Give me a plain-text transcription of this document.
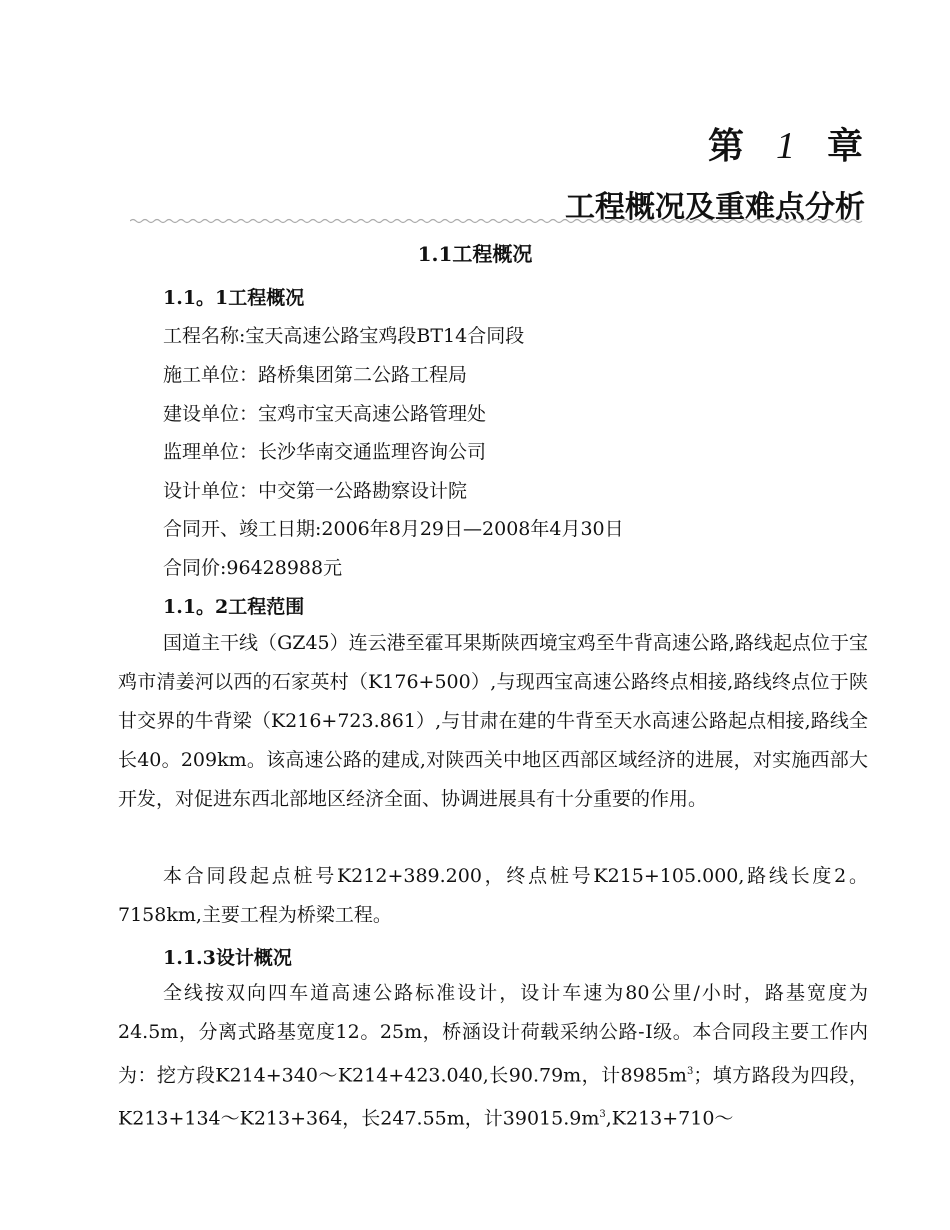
第 1 章
工程概况及重难点分析
1.1工程概况
1.1。1工程概况
工程名称:宝天高速公路宝鸡段BT14合同段
施工单位：路桥集团第二公路工程局
建设单位：宝鸡市宝天高速公路管理处
监理单位：长沙华南交通监理咨询公司
设计单位：中交第一公路勘察设计院
合同开、竣工日期:2006年8月29日—2008年4月30日
合同价:96428988元
1.1。2工程范围
国道主干线（GZ45）连云港至霍耳果斯陕西境宝鸡至牛背高速公路,路线起点位于宝鸡市清姜河以西的石家英村（K176+500）,与现西宝高速公路终点相接,路线终点位于陕甘交界的牛背梁（K216+723.861）,与甘肃在建的牛背至天水高速公路起点相接,路线全长40。209km。该高速公路的建成,对陕西关中地区西部区域经济的进展，对实施西部大开发，对促进东西北部地区经济全面、协调进展具有十分重要的作用。
本合同段起点桩号K212+389.200，终点桩号K215+105.000,路线长度2。7158km,主要工程为桥梁工程。
1.1.3设计概况
全线按双向四车道高速公路标准设计，设计车速为80公里/小时，路基宽度为24.5m，分离式路基宽度12。25m，桥涵设计荷载采纳公路-Ⅰ级。本合同段主要工作内为：挖方段K214+340～K214+423.040,长90.79m，计$8985m^3$；填方路段为四段，K213+134～K213+364，长247.55m，计$39015.9m^3,K213+710\sim$
